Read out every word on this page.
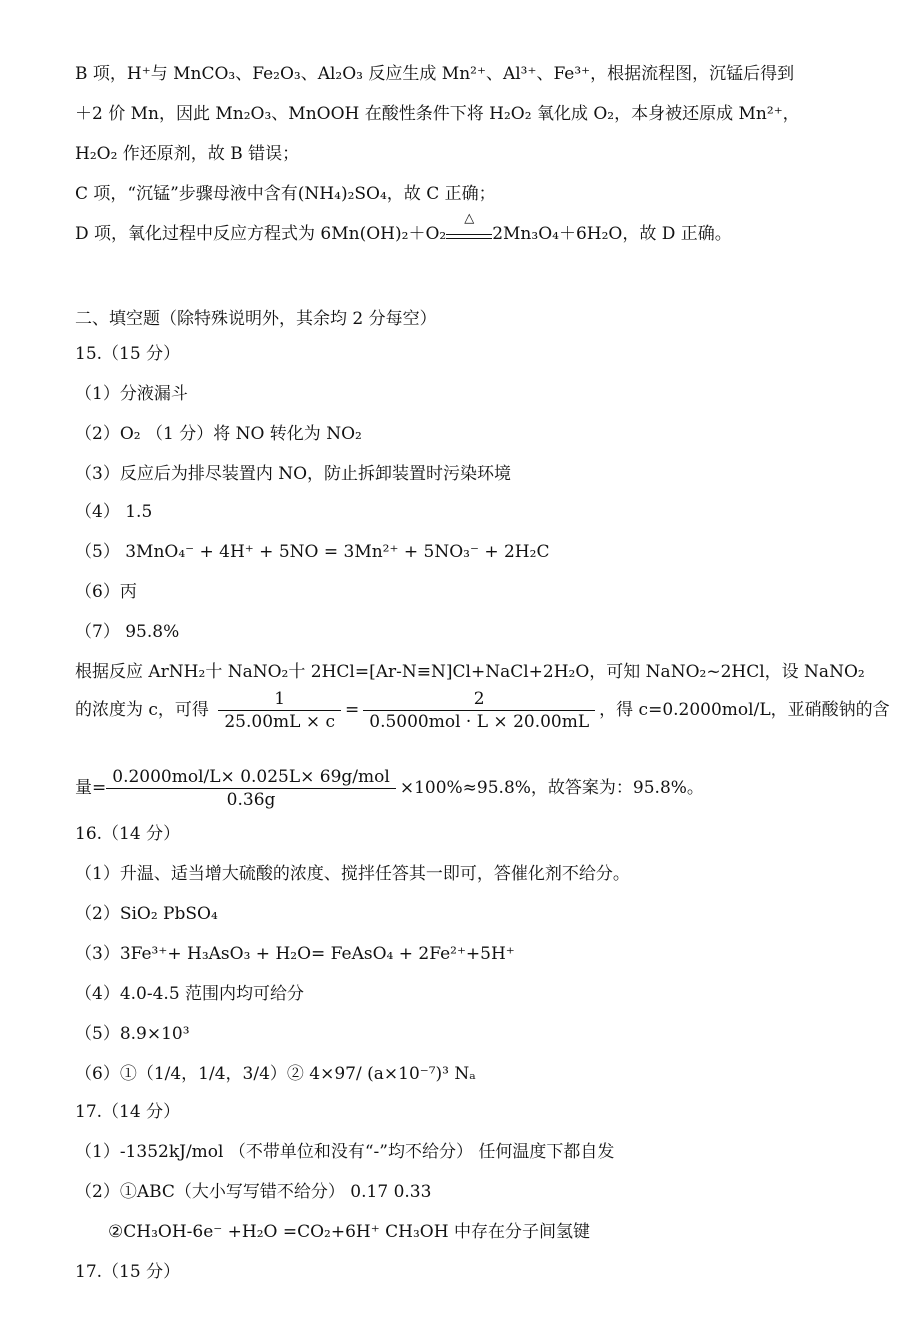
B 项，H⁺与 MnCO₃、Fe₂O₃、Al₂O₃ 反应生成 Mn²⁺、Al³⁺、Fe³⁺，根据流程图，沉锰后得到
＋2 价 Mn，因此 Mn₂O₃、MnOOH 在酸性条件下将 H₂O₂ 氧化成 O₂，本身被还原成 Mn²⁺，
H₂O₂ 作还原剂，故 B 错误；
C 项，“沉锰”步骤母液中含有(NH₄)₂SO₄，故 C 正确；
D 项，氧化过程中反应方程式为 6Mn(OH)₂＋O₂
△
2Mn₃O₄＋6H₂O，故 D 正确。
二、填空题（除特殊说明外，其余均 2 分每空）
15.（15 分）
（1）分液漏斗
（2）O₂ （1 分）将 NO 转化为 NO₂
（3）反应后为排尽装置内 NO，防止拆卸装置时污染环境
（4） 1.5
（5） 3MnO₄⁻ + 4H⁺ + 5NO = 3Mn²⁺ + 5NO₃⁻ + 2H₂C
（6）丙
（7） 95.8%
根据反应 ArNH₂十 NaNO₂十 2HCl=[Ar-N≡N]Cl+NaCl+2H₂O，可知 NaNO₂~2HCl，设 NaNO₂
的浓度为 c，可得 $\frac{1}{25.00mL \times c} = \frac{2}{\text{0.5000mol · L × 20.00mL}}$ ，得 c=0.2000mol/L，亚硝酸钠的含
量= $\frac{\text{0.2000mol/L× 0.025L× 69g/mol}}{0.36g} \times 100\%\approx 95.8\%$，故答案为：95.8%。
16.（14 分）
（1）升温、适当增大硫酸的浓度、搅拌任答其一即可，答催化剂不给分。
（2）SiO₂ PbSO₄
（3）3Fe³⁺+ H₃AsO₃ + H₂O= FeAsO₄ + 2Fe²⁺+5H⁺
（4）4.0-4.5 范围内均可给分
（5）8.9×10³
（6）①（1/4，1/4，3/4）② 4×97/ (a×10⁻⁷)³ Nₐ
17.（14 分）
（1）-1352kJ/mol （不带单位和没有“-”均不给分） 任何温度下都自发
（2）①ABC（大小写写错不给分） 0.17 0.33
②CH₃OH-6e⁻ +H₂O =CO₂+6H⁺ CH₃OH 中存在分子间氢键
17.（15 分）
